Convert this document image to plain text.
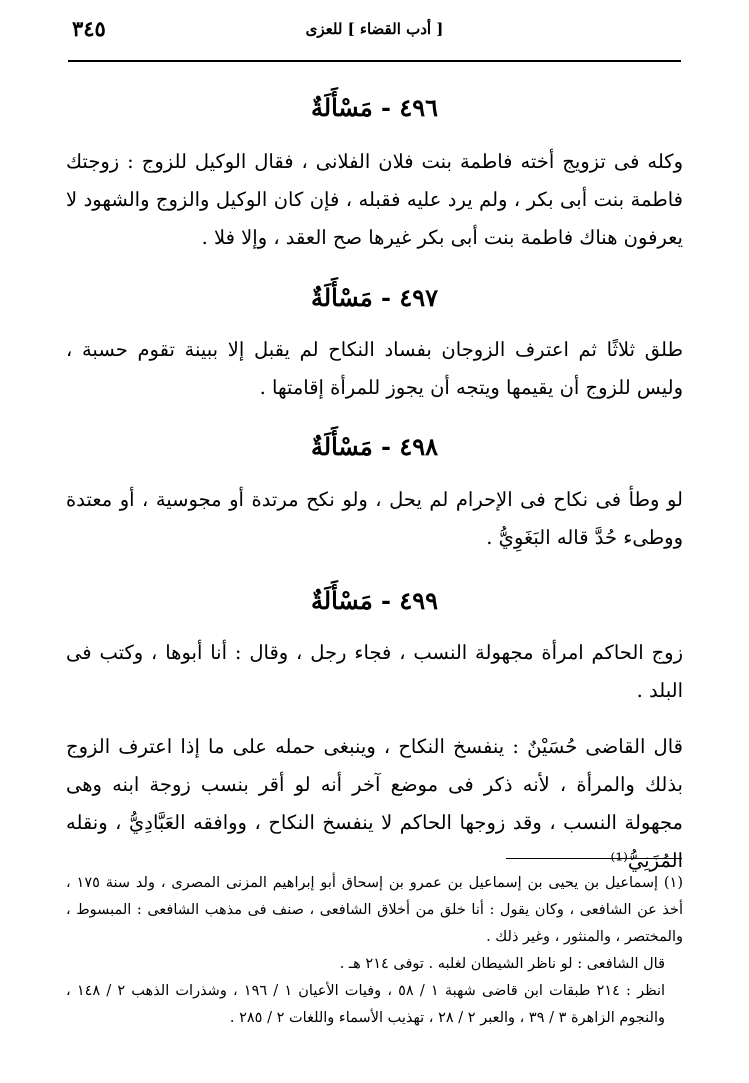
٣٤٥	[ أدب القضاء ] للعزى
٤٩٦ - مَسْأَلَةٌ

وكله فى تزويج أخته فاطمة بنت فلان الفلانى ، فقال الوكيل للزوج : زوجتك فاطمة بنت أبى بكر ، ولم يرد عليه فقبله ، فإن كان الوكيل والزوج والشهود لا يعرفون هناك فاطمة بنت أبى بكر غيرها صح العقد ، وإلا فلا .

٤٩٧ - مَسْأَلَةٌ

طلق ثلاثًا ثم اعترف الزوجان بفساد النكاح لم يقبل إلا ببينة تقوم حسبة ، وليس للزوج أن يقيمها ويتجه أن يجوز للمرأة إقامتها .

٤٩٨ - مَسْأَلَةٌ

لو وطأ فى نكاح فى الإحرام لم يحل ، ولو نكح مرتدة أو مجوسية ، أو معتدة ووطىء حُدَّ قاله البَغَوِيُّ .

٤٩٩ - مَسْأَلَةٌ

زوج الحاكم امرأة مجهولة النسب ، فجاء رجل ، وقال : أنا أبوها ، وكتب فى البلد .

قال القاضى حُسَيْنٌ : ينفسخ النكاح ، وينبغى حمله على ما إذا اعترف الزوج بذلك والمرأة ، لأنه ذكر فى موضع آخر أنه لو أقر بنسب زوجة ابنه وهى مجهولة النسب ، وقد زوجها الحاكم لا ينفسخ النكاح ، ووافقه العَبَّادِيُّ ، ونقله المُزَنِيُّ⁽¹⁾

(١) إسماعيل بن يحيى بن إسماعيل بن عمرو بن إسحاق أبو إبراهيم المزنى المصرى ، ولد سنة ١٧٥ ، أخذ عن الشافعى ، وكان يقول : أنا خلق من أخلاق الشافعى ، صنف فى مذهب الشافعى : المبسوط ، والمختصر ، والمنثور ، وغير ذلك .

قال الشافعى : لو ناظر الشيطان لغلبه . توفى ٢١٤ هـ .

انظر : ٢١٤ طبقات ابن قاضى شهبة ١ / ٥٨ ، وفيات الأعيان ١ / ١٩٦ ، وشذرات الذهب ٢ / ١٤٨ ، والنجوم الزاهرة ٣ / ٣٩ ، والعبر ٢ / ٢٨ ، تهذيب الأسماء واللغات ٢ / ٢٨٥ .
